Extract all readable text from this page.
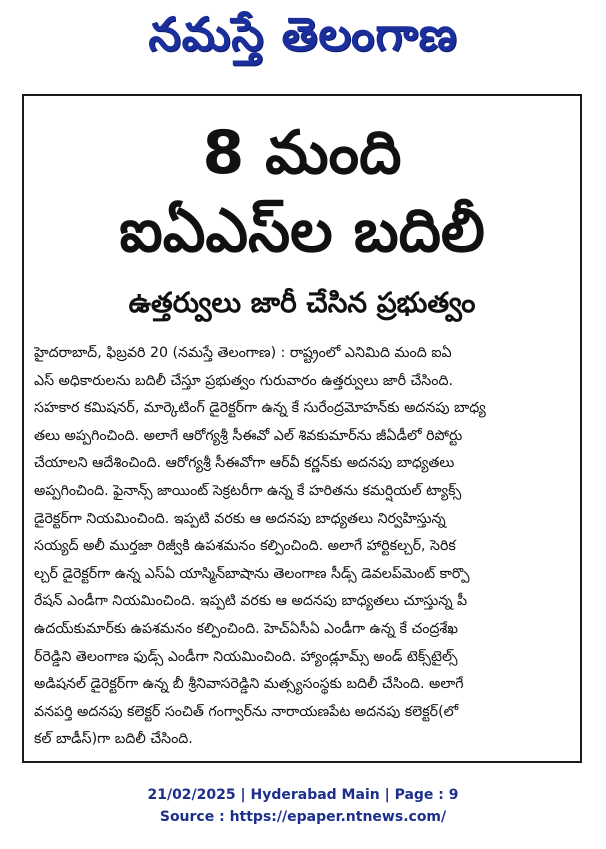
నమస్తే తెలంగాణ
8 మంది
ఐఏఎస్‌ల బదిలీ
ఉత్తర్వులు జారీ చేసిన ప్రభుత్వం
హైదరాబాద్, ఫిబ్రవరి 20 (నమస్తే తెలంగాణ) : రాష్ట్రంలో ఎనిమిది మంది ఐఏ
ఎస్ అధికారులను బదిలీ చేస్తూ ప్రభుత్వం గురువారం ఉత్తర్వులు జారీ చేసింది.
సహకార కమిషనర్, మార్కెటింగ్ డైరెక్టర్‌గా ఉన్న కే సురేంద్రమోహన్‌కు అదనపు బాధ్య
తలు అప్పగించింది. అలాగే ఆరోగ్యశ్రీ సీఈవో ఎల్ శివకుమార్‌ను జీఏడీలో రిపోర్టు
చేయాలని ఆదేశించింది. ఆరోగ్యశ్రీ సీఈవోగా ఆర్‌వీ కర్ణన్‌కు అదనపు బాధ్యతలు
అప్పగించింది. ఫైనాన్స్ జాయింట్ సెక్రటరీగా ఉన్న కే హరితను కమర్షియల్ ట్యాక్స్
డైరెక్టర్‌గా నియమించింది. ఇప్పటి వరకు ఆ అదనపు బాధ్యతలు నిర్వహిస్తున్న
సయ్యద్ అలీ ముర్తజా రిజ్వీకి ఉపశమనం కల్పించింది. అలాగే హార్టికల్చర్, సెరిక
ల్చర్ డైరెక్టర్‌గా ఉన్న ఎస్ఏ యాస్మిన్‌బాషాను తెలంగాణ సీడ్స్ డెవలప్‌మెంట్ కార్పొ
రేషన్ ఎండీగా నియమించింది. ఇప్పటి వరకు ఆ అదనపు బాధ్యతలు చూస్తున్న పీ
ఉదయ్‌కుమార్‌కు ఉపశమనం కల్పించింది. హెచ్ఏసీఏ ఎండీగా ఉన్న కే చంద్రశేఖ
ర్‌రెడ్డిని తెలంగాణ ఫుడ్స్ ఎండీగా నియమించింది. హ్యాండ్లూమ్స్ అండ్ టెక్స్‌టైల్స్
అడిషనల్ డైరెక్టర్‌గా ఉన్న బీ శ్రీనివాసరెడ్డిని మత్స్యసంస్థకు బదిలీ చేసింది. అలాగే
వనపర్తి అదనపు కలెక్టర్ సంచిత్ గంగ్వార్‌ను నారాయణపేట అదనపు కలెక్టర్(లో
కల్ బాడీస్)గా బదిలీ చేసింది.
21/02/2025 | Hyderabad Main | Page : 9
Source : https://epaper.ntnews.com/
